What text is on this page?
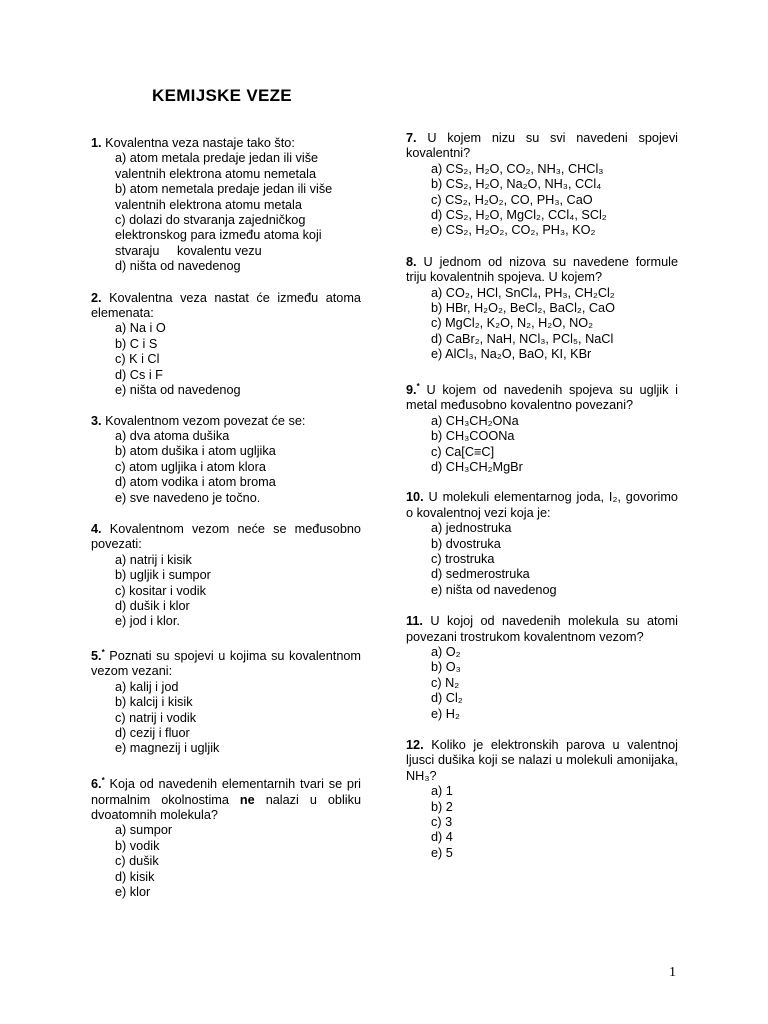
KEMIJSKE VEZE
1. Kovalentna veza nastaje tako što:
a) atom metala predaje jedan ili više valentnih elektrona atomu nemetala
b) atom nemetala predaje jedan ili više valentnih elektrona atomu metala
c) dolazi do stvaranja zajedničkog elektronskog para između atoma koji stvaraju     kovalentu vezu
d) ništa od navedenog
2. Kovalentna veza nastat će između atoma elemenata:
a) Na i O
b) C i S
c) K i Cl
d) Cs i F
e) ništa od navedenog
3. Kovalentnom vezom povezat će se:
a) dva atoma dušika
b) atom dušika i atom ugljika
c) atom ugljika i atom klora
d) atom vodika i atom broma
e) sve navedeno je točno.
4. Kovalentnom vezom neće se međusobno povezati:
a) natrij i kisik
b) ugljik i sumpor
c) kositar i vodik
d) dušik i klor
e) jod i klor.
5.* Poznati su spojevi u kojima su kovalentnom vezom vezani:
a) kalij i jod
b) kalcij i kisik
c) natrij i vodik
d) cezij i fluor
e) magnezij i ugljik
6.* Koja od navedenih elementarnih tvari se pri normalnim okolnostima ne nalazi u obliku dvoatomnih molekula?
a) sumpor
b) vodik
c) dušik
d) kisik
e) klor
7. U kojem nizu su svi navedeni spojevi kovalentni?
a) CS₂, H₂O, CO₂, NH₃, CHCl₃
b) CS₂, H₂O, Na₂O, NH₃, CCl₄
c) CS₂, H₂O₂, CO, PH₃, CaO
d) CS₂, H₂O, MgCl₂, CCl₄, SCl₂
e) CS₂, H₂O₂, CO₂, PH₃, KO₂
8. U jednom od nizova su navedene formule triju kovalentnih spojeva. U kojem?
a) CO₂, HCl, SnCl₄, PH₃, CH₂Cl₂
b) HBr, H₂O₂, BeCl₂, BaCl₂, CaO
c) MgCl₂, K₂O, N₂, H₂O, NO₂
d) CaBr₂, NaH, NCl₃, PCl₅, NaCl
e) AlCl₃, Na₂O, BaO, KI, KBr
9.* U kojem od navedenih spojeva su ugljik i metal međusobno kovalentno povezani?
a) CH₃CH₂ONa
b) CH₃COONa
c) Ca[C≡C]
d) CH₃CH₂MgBr
10. U molekuli elementarnog joda, I₂, govorimo o kovalentnoj vezi koja je:
a) jednostruka
b) dvostruka
c) trostruka
d) sedmerostruka
e) ništa od navedenog
11. U kojoj od navedenih molekula su atomi povezani trostrukom kovalentnom vezom?
a) O₂
b) O₃
c) N₂
d) Cl₂
e) H₂
12. Koliko je elektronskih parova u valentnoj ljusci dušika koji se nalazi u molekuli amonijaka, NH₃?
a) 1
b) 2
c) 3
d) 4
e) 5
1
